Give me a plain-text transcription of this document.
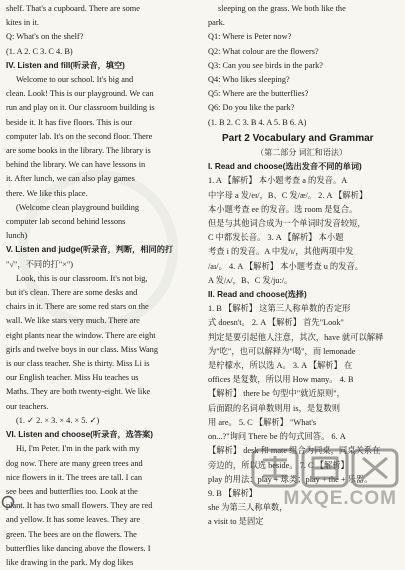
shelf. That's a cupboard. There are some
kites in it.
Q: What's on the shelf?
(1. A 2. C 3. C 4. B)
IV. Listen and fill(听录音，填空)
Welcome to our school. It's big and
clean. Look! This is our playground. We can
run and play on it. Our classroom building is
beside it. It has five floors. This is our
computer lab. It's on the second floor. There
are some books in the library. The library is
behind the library. We can have lessons in
it. After lunch, we can also play games
there. We like this place.
(Welcome clean playground building
computer lab second behind lessons
lunch)
V. Listen and judge(听录音，判断，相同的打
"√"，不同的打"×")
Look, this is our classroom. It's not big,
but it's clean. There are some desks and
chairs in it. There are some red stars on the
wall. We like stars very much. There are
eight plants near the window. There are eight
girls and twelve boys in our class. Miss Wang
is our class teacher. She is thirty. Miss Li is
our English teacher. Miss Hu teaches us
Maths. They are both twenty-eight. We like
our teachers.
(1. ✓ 2. × 3. × 4. × 5. ✓)
VI. Listen and choose(听录音，选答案)
Hi, I'm Peter. I'm in the park with my
dog now. There are many green trees and
nice flowers in it. The trees are tall. I can
see bees and butterflies too. Look at the
plant. It has two small flowers. They are red
and yellow. It has some leaves. They are
green. The bees are on the flowers. The
butterflies like dancing above the flowers. I
like drawing in the park. My dog likes
sleeping on the grass. We both like the
park.
Q1: Where is Peter now?
Q2: What colour are the flowers?
Q3: Can you see birds in the park?
Q4: Who likes sleeping?
Q5: Where are the butterflies?
Q6: Do you like the park?
(1. B 2. C 3. B 4. A 5. B 6. A)
Part 2 Vocabulary and Grammar
（第二部分 词汇和语法）
I. Read and choose(选出发音不同的单词)
1. A 【解析】 本小题考查 a 的发音。A
中字母 a 发/eɪ/，B、C 发/æ/。 2. A 【解析】
本小题考查 ee 的发音。选 room 是复合。
但是与其他词合成为一个单词时发音较短，
C 中都发长音。 3. A 【解析】 本小题
考查 i 的发音。A 中发/ɪ/，其他两项中发
/aɪ/。 4. A 【解析】 本小题考查 u 的发音。
A 发/ʌ/，B、C 发/ju:/。
II. Read and choose(选择)
1. B 【解析】 这第三人称单数的否定形
式 doesn't。 2. A 【解析】 首先"Look"
判定是要引起他人注意，其次，have 就可以解释
为"吃"，也可以解释为"喝"，而 lemonade
是柠檬水，所以选 A。 3. A 【解析】 在
offices 是复数，所以用 How many。 4. B
【解析】 there be 句型中"就近原则"，
后面跟的名词单数则用 is，是复数则
用 are。 5. C 【解析】 "What's
on...?"询问 There be 的句式回答。 6. A
【解析】 desk 和 mate 组合为同桌，同桌关系在
旁边的，所以选 beside。 7. C 【解析】
play 的用法：play + 球类；play + the + 乐器。
9. B 【解析】
she 为第三人称单数，
a visit to 是固定
MXQE.COM
